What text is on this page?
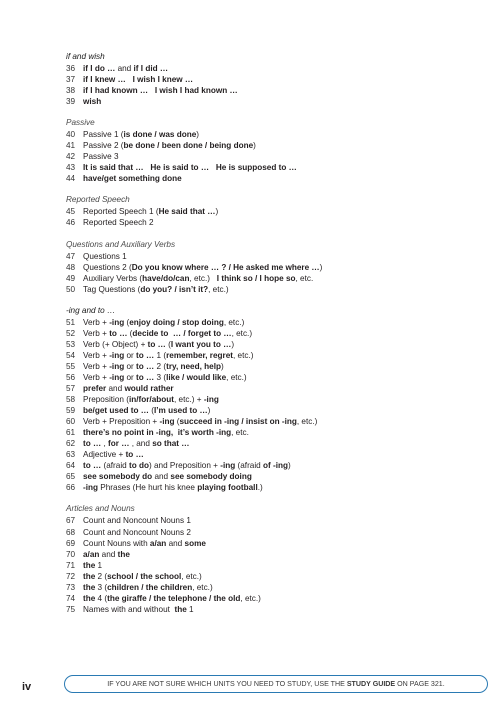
if and wish
36 if I do … and if I did …
37 if I knew …   I wish I knew …
38 if I had known …   I wish I had known …
39 wish
Passive
40 Passive 1 (is done / was done)
41 Passive 2 (be done / been done / being done)
42 Passive 3
43 It is said that …   He is said to …   He is supposed to …
44 have/get something done
Reported Speech
45 Reported Speech 1 (He said that …)
46 Reported Speech 2
Questions and Auxiliary Verbs
47 Questions 1
48 Questions 2 (Do you know where … ? / He asked me where …)
49 Auxiliary Verbs (have/do/can, etc.)   I think so / I hope so, etc.
50 Tag Questions (do you? / isn’t it?, etc.)
-ing and to …
51 Verb + -ing (enjoy doing / stop doing, etc.)
52 Verb + to … (decide to  … / forget to …, etc.)
53 Verb (+ Object) + to … (I want you to …)
54 Verb + -ing or to … 1 (remember, regret, etc.)
55 Verb + -ing or to … 2 (try, need, help)
56 Verb + -ing or to … 3 (like / would like, etc.)
57 prefer and would rather
58 Preposition (in/for/about, etc.) + -ing
59 be/get used to … (I’m used to …)
60 Verb + Preposition + -ing (succeed in -ing / insist on -ing, etc.)
61 there’s no point in -ing,  it’s worth -ing, etc.
62 to … , for … , and so that …
63 Adjective + to …
64 to … (afraid to do) and Preposition + -ing (afraid of -ing)
65 see somebody do and see somebody doing
66 -ing Phrases (He hurt his knee playing football.)
Articles and Nouns
67 Count and Noncount Nouns 1
68 Count and Noncount Nouns 2
69 Count Nouns with a/an and some
70 a/an and the
71 the 1
72 the 2 (school / the school, etc.)
73 the 3 (children / the children, etc.)
74 the 4 (the giraffe / the telephone / the old, etc.)
75 Names with and without  the 1
iv	IF YOU ARE NOT SURE WHICH UNITS YOU NEED TO STUDY, USE THE STUDY GUIDE ON PAGE 321.
